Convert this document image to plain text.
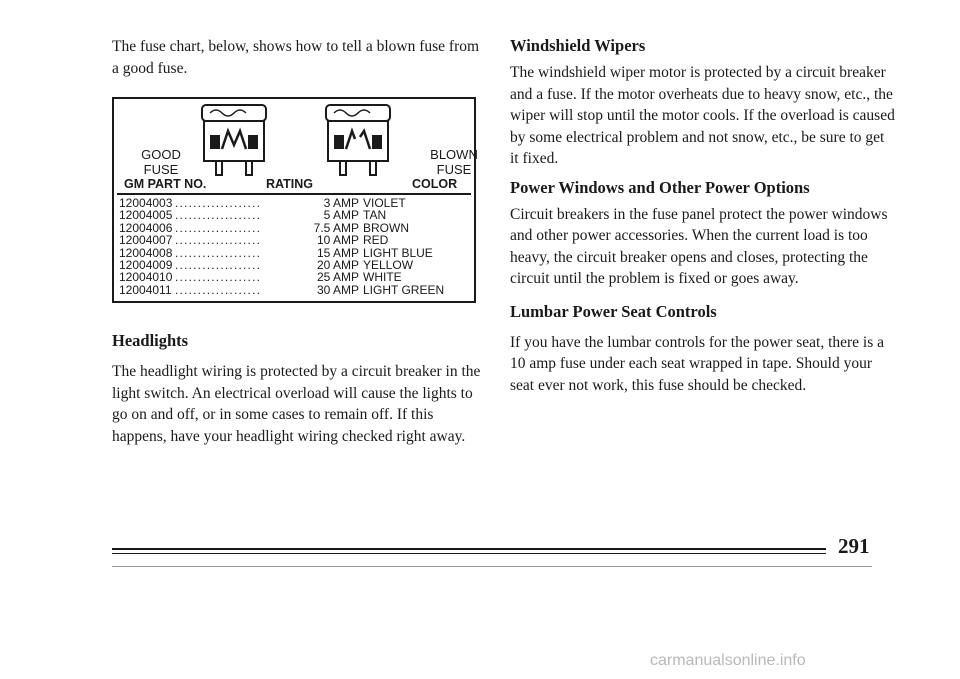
The fuse chart, below, shows how to tell a blown fuse from a good fuse.

GOOD
FUSE
BLOWN
FUSE
GM PART NO.	RATING	COLOR
12004003 ...................	3 AMP VIOLET
12004005 ...................	5 AMP TAN
12004006 ...................	7.5 AMP BROWN
12004007 ...................	10 AMP RED
12004008 ...................	15 AMP LIGHT BLUE
12004009 ...................	20 AMP YELLOW
12004010 ...................	25 AMP WHITE
12004011 ...................	30 AMP LIGHT GREEN

Headlights

The headlight wiring is protected by a circuit breaker in the light switch. An electrical overload will cause the lights to go on and off, or in some cases to remain off. If this happens, have your headlight wiring checked right away.

Windshield Wipers

The windshield wiper motor is protected by a circuit breaker and a fuse. If the motor overheats due to heavy snow, etc., the wiper will stop until the motor cools. If the overload is caused by some electrical problem and not snow, etc., be sure to get it fixed.

Power Windows and Other Power Options

Circuit breakers in the fuse panel protect the power windows and other power accessories. When the current load is too heavy, the circuit breaker opens and closes, protecting the circuit until the problem is fixed or goes away.

Lumbar Power Seat Controls

If you have the lumbar controls for the power seat, there is a 10 amp fuse under each seat wrapped in tape. Should your seat ever not work, this fuse should be checked.

291
carmanualsonline.info
